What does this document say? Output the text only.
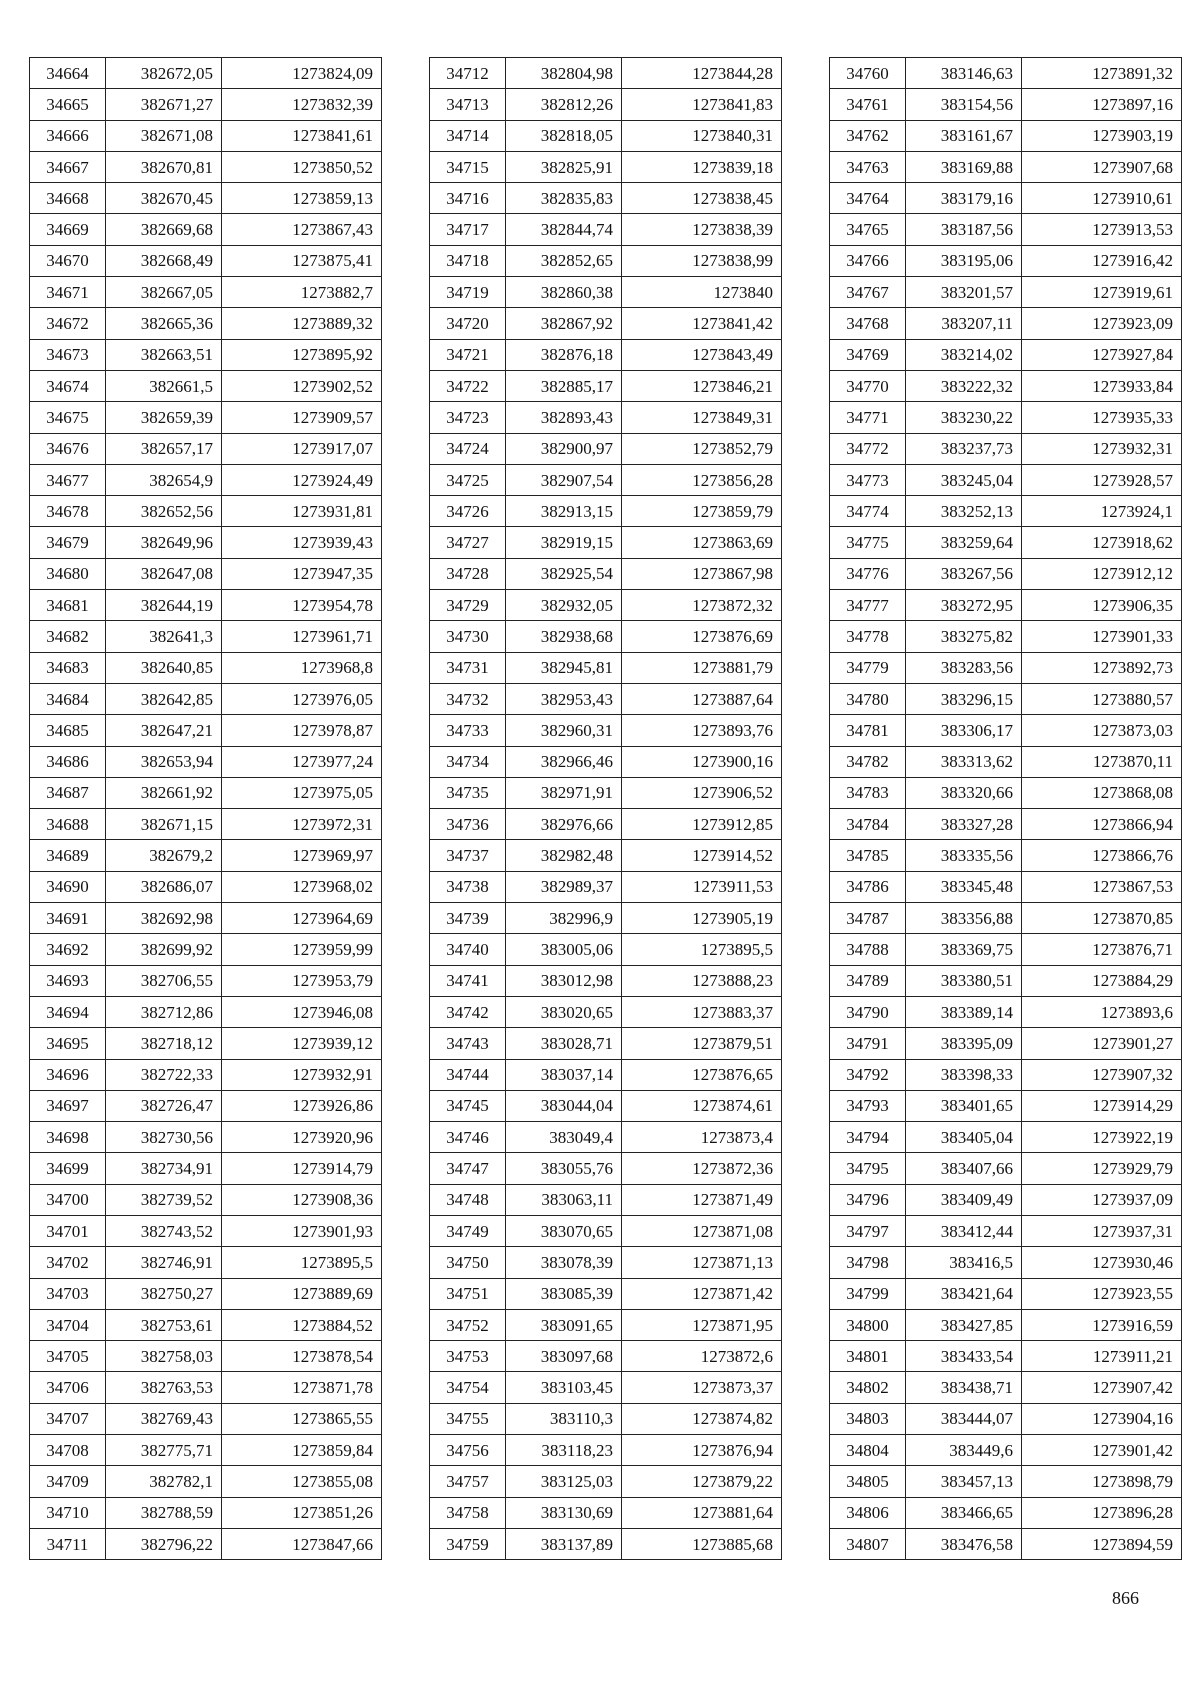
34664	382672,05	1273824,09
34665	382671,27	1273832,39
34666	382671,08	1273841,61
34667	382670,81	1273850,52
34668	382670,45	1273859,13
34669	382669,68	1273867,43
34670	382668,49	1273875,41
34671	382667,05	1273882,7
34672	382665,36	1273889,32
34673	382663,51	1273895,92
34674	382661,5	1273902,52
34675	382659,39	1273909,57
34676	382657,17	1273917,07
34677	382654,9	1273924,49
34678	382652,56	1273931,81
34679	382649,96	1273939,43
34680	382647,08	1273947,35
34681	382644,19	1273954,78
34682	382641,3	1273961,71
34683	382640,85	1273968,8
34684	382642,85	1273976,05
34685	382647,21	1273978,87
34686	382653,94	1273977,24
34687	382661,92	1273975,05
34688	382671,15	1273972,31
34689	382679,2	1273969,97
34690	382686,07	1273968,02
34691	382692,98	1273964,69
34692	382699,92	1273959,99
34693	382706,55	1273953,79
34694	382712,86	1273946,08
34695	382718,12	1273939,12
34696	382722,33	1273932,91
34697	382726,47	1273926,86
34698	382730,56	1273920,96
34699	382734,91	1273914,79
34700	382739,52	1273908,36
34701	382743,52	1273901,93
34702	382746,91	1273895,5
34703	382750,27	1273889,69
34704	382753,61	1273884,52
34705	382758,03	1273878,54
34706	382763,53	1273871,78
34707	382769,43	1273865,55
34708	382775,71	1273859,84
34709	382782,1	1273855,08
34710	382788,59	1273851,26
34711	382796,22	1273847,66
34712	382804,98	1273844,28
34713	382812,26	1273841,83
34714	382818,05	1273840,31
34715	382825,91	1273839,18
34716	382835,83	1273838,45
34717	382844,74	1273838,39
34718	382852,65	1273838,99
34719	382860,38	1273840
34720	382867,92	1273841,42
34721	382876,18	1273843,49
34722	382885,17	1273846,21
34723	382893,43	1273849,31
34724	382900,97	1273852,79
34725	382907,54	1273856,28
34726	382913,15	1273859,79
34727	382919,15	1273863,69
34728	382925,54	1273867,98
34729	382932,05	1273872,32
34730	382938,68	1273876,69
34731	382945,81	1273881,79
34732	382953,43	1273887,64
34733	382960,31	1273893,76
34734	382966,46	1273900,16
34735	382971,91	1273906,52
34736	382976,66	1273912,85
34737	382982,48	1273914,52
34738	382989,37	1273911,53
34739	382996,9	1273905,19
34740	383005,06	1273895,5
34741	383012,98	1273888,23
34742	383020,65	1273883,37
34743	383028,71	1273879,51
34744	383037,14	1273876,65
34745	383044,04	1273874,61
34746	383049,4	1273873,4
34747	383055,76	1273872,36
34748	383063,11	1273871,49
34749	383070,65	1273871,08
34750	383078,39	1273871,13
34751	383085,39	1273871,42
34752	383091,65	1273871,95
34753	383097,68	1273872,6
34754	383103,45	1273873,37
34755	383110,3	1273874,82
34756	383118,23	1273876,94
34757	383125,03	1273879,22
34758	383130,69	1273881,64
34759	383137,89	1273885,68
34760	383146,63	1273891,32
34761	383154,56	1273897,16
34762	383161,67	1273903,19
34763	383169,88	1273907,68
34764	383179,16	1273910,61
34765	383187,56	1273913,53
34766	383195,06	1273916,42
34767	383201,57	1273919,61
34768	383207,11	1273923,09
34769	383214,02	1273927,84
34770	383222,32	1273933,84
34771	383230,22	1273935,33
34772	383237,73	1273932,31
34773	383245,04	1273928,57
34774	383252,13	1273924,1
34775	383259,64	1273918,62
34776	383267,56	1273912,12
34777	383272,95	1273906,35
34778	383275,82	1273901,33
34779	383283,56	1273892,73
34780	383296,15	1273880,57
34781	383306,17	1273873,03
34782	383313,62	1273870,11
34783	383320,66	1273868,08
34784	383327,28	1273866,94
34785	383335,56	1273866,76
34786	383345,48	1273867,53
34787	383356,88	1273870,85
34788	383369,75	1273876,71
34789	383380,51	1273884,29
34790	383389,14	1273893,6
34791	383395,09	1273901,27
34792	383398,33	1273907,32
34793	383401,65	1273914,29
34794	383405,04	1273922,19
34795	383407,66	1273929,79
34796	383409,49	1273937,09
34797	383412,44	1273937,31
34798	383416,5	1273930,46
34799	383421,64	1273923,55
34800	383427,85	1273916,59
34801	383433,54	1273911,21
34802	383438,71	1273907,42
34803	383444,07	1273904,16
34804	383449,6	1273901,42
34805	383457,13	1273898,79
34806	383466,65	1273896,28
34807	383476,58	1273894,59
866
